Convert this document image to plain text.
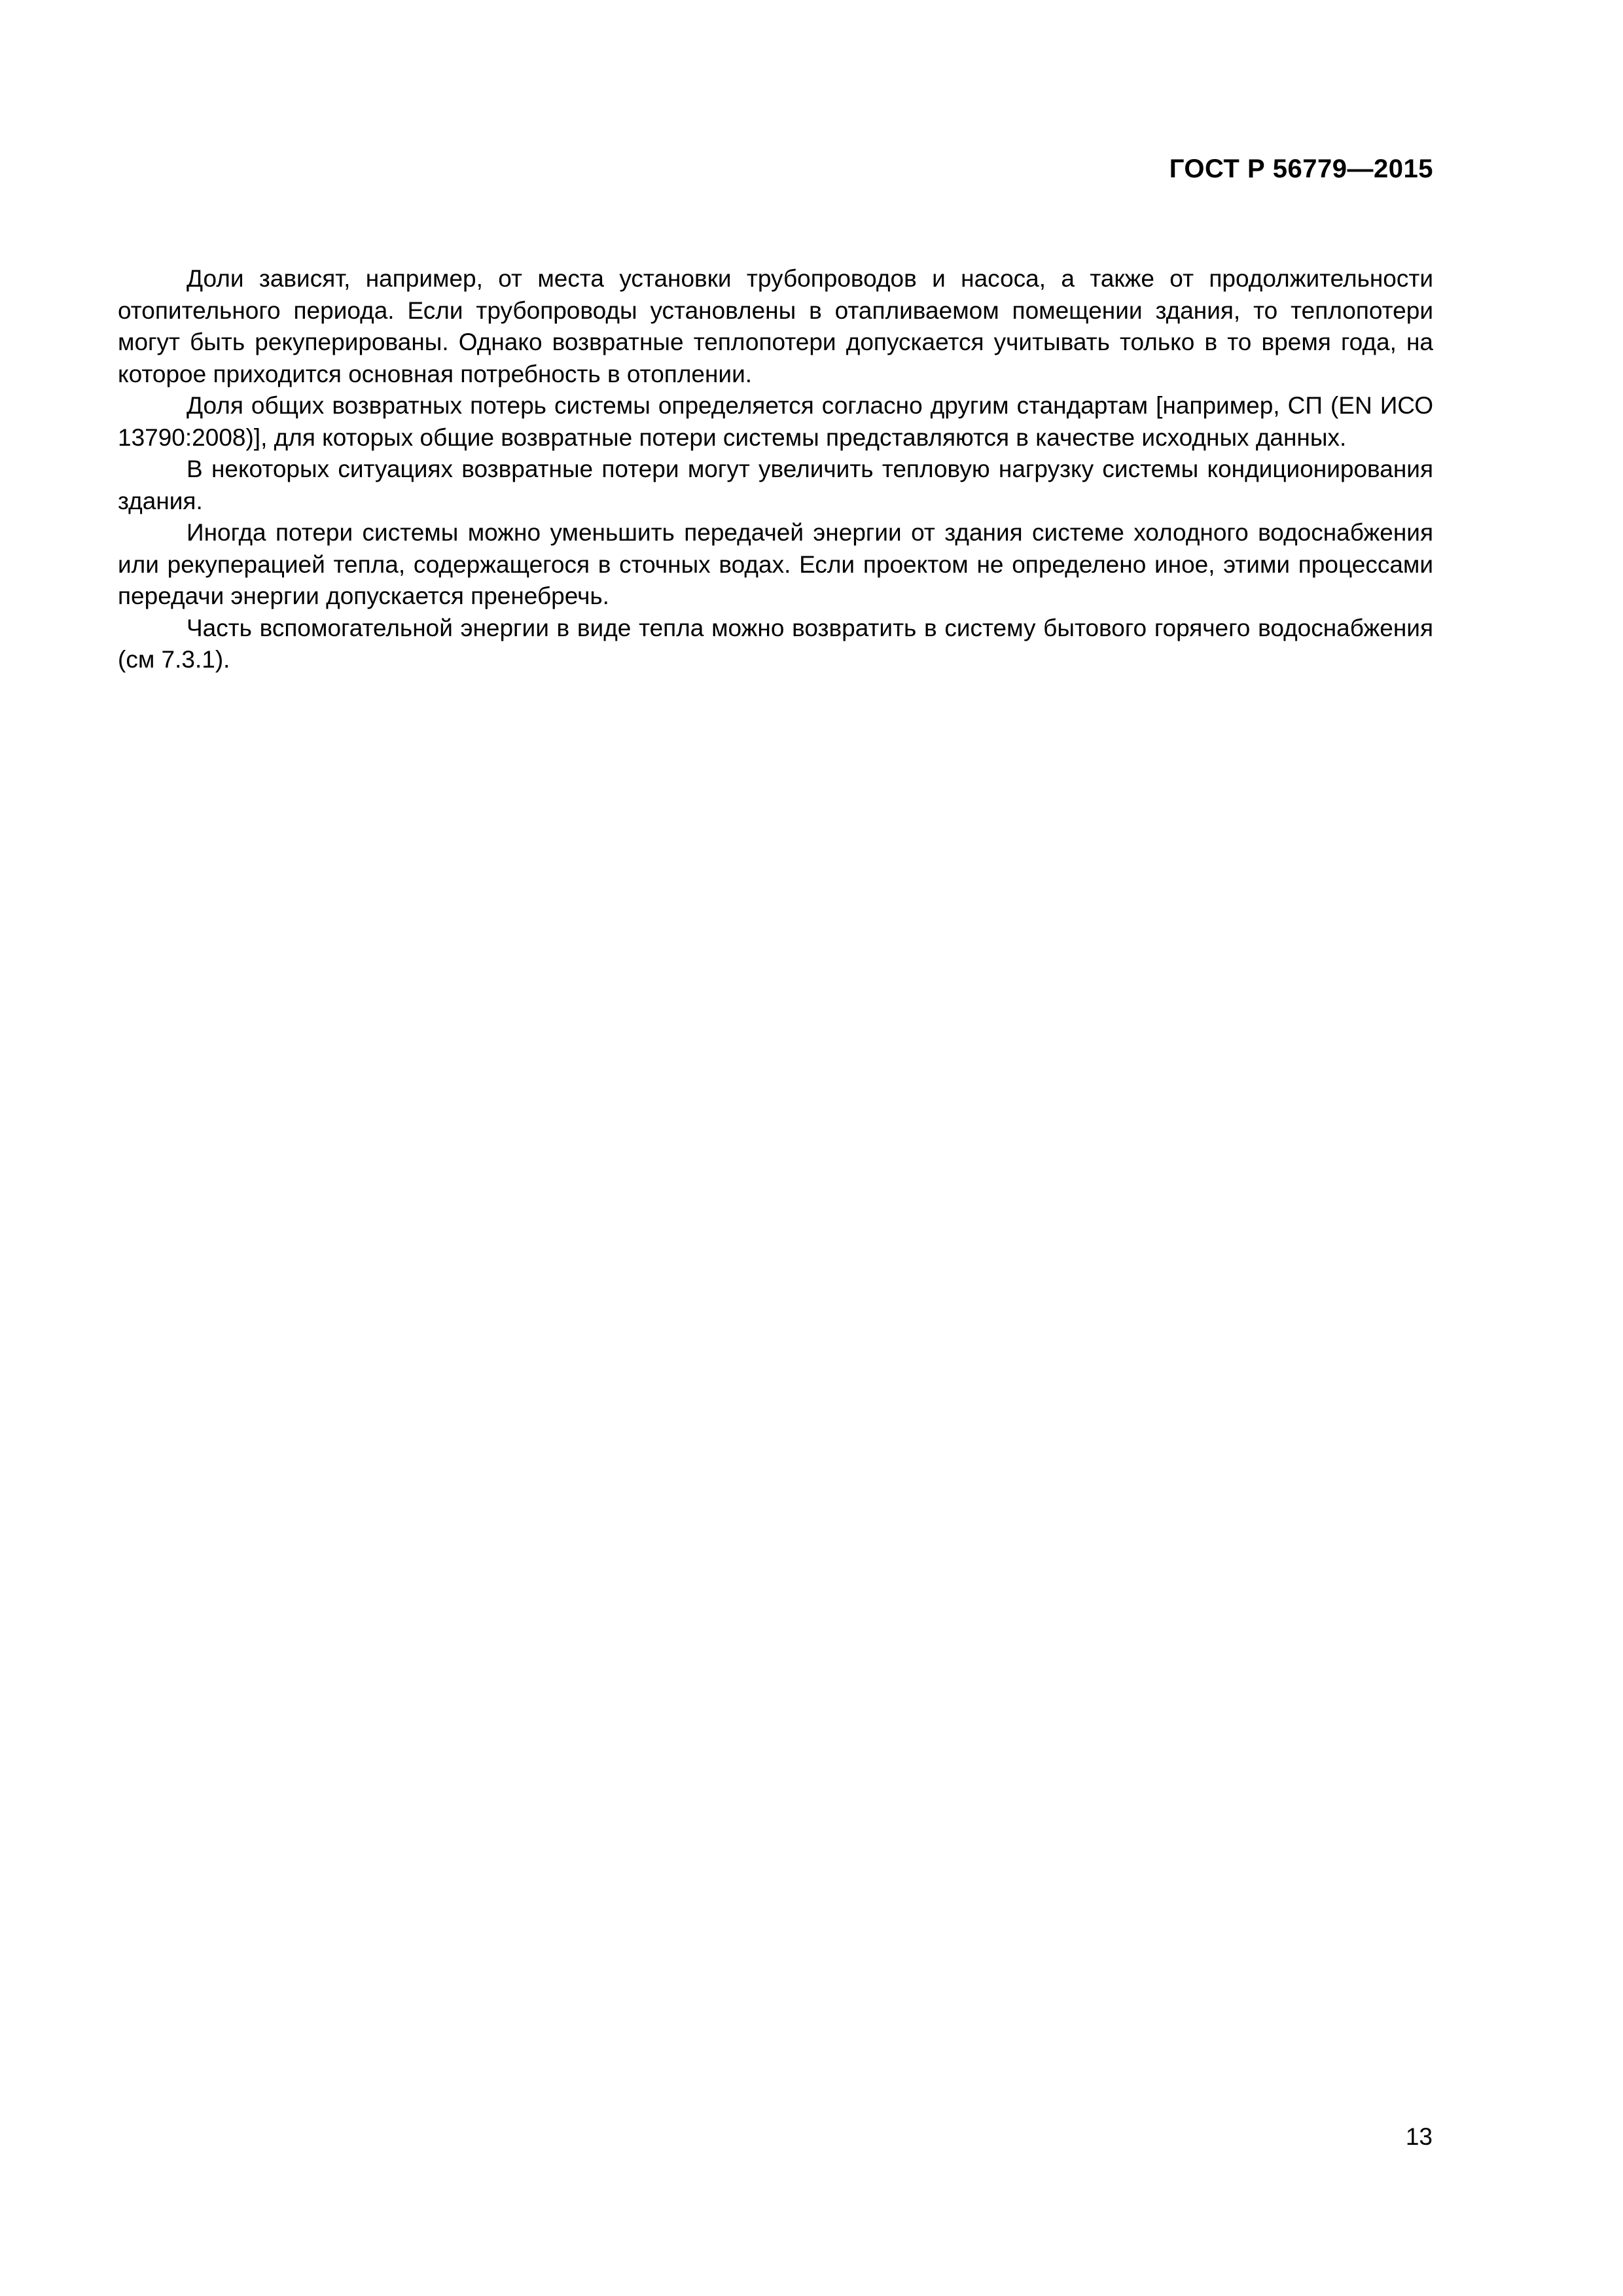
ГОСТ Р 56779—2015

Доли зависят, например, от места установки трубопроводов и насоса, а также от продолжительности отопительного периода. Если трубопроводы установлены в отапливаемом помещении здания, то теплопотери могут быть рекуперированы. Однако возвратные теплопотери допускается учитывать только в то время года, на которое приходится основная потребность в отоплении.

Доля общих возвратных потерь системы определяется согласно другим стандартам [например, СП (EN ИСО 13790:2008)], для которых общие возвратные потери системы представляются в качестве исходных данных.

В некоторых ситуациях возвратные потери могут увеличить тепловую нагрузку системы кондиционирования здания.

Иногда потери системы можно уменьшить передачей энергии от здания системе холодного водоснабжения или рекуперацией тепла, содержащегося в сточных водах. Если проектом не определено иное, этими процессами передачи энергии допускается пренебречь.

Часть вспомогательной энергии в виде тепла можно возвратить в систему бытового горячего водоснабжения (см 7.3.1).

13
